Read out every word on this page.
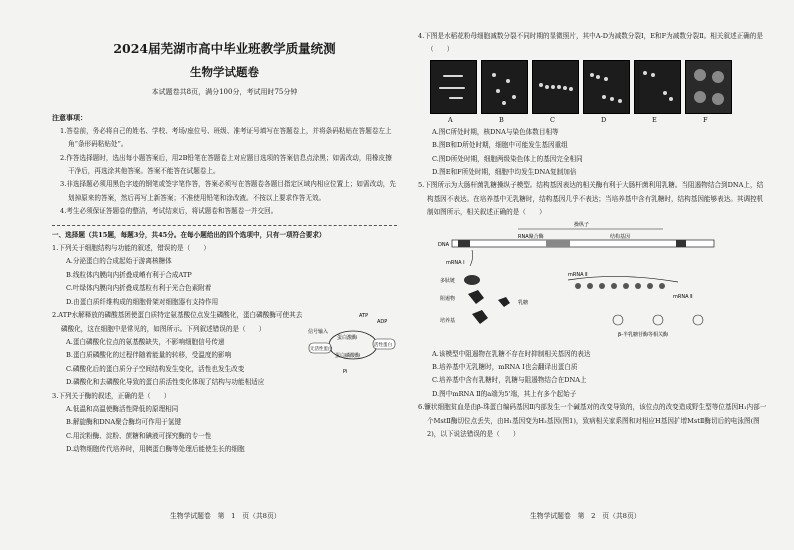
2024届芜湖市高中毕业班教学质量统测
生物学试题卷
本试题卷共8页，满分100分，考试用时75分钟
注意事项：
1.答卷前，务必将自己的姓名、学校、考场/座位号、班级、准考证号填写在答题卷上，并将条码粘贴在答题卷左上角“条形码粘贴处”。
2.作答选择题时，选出每小题答案后，用2B铅笔在答题卷上对应题目选项的答案信息点涂黑；如需改动，用橡皮擦干净后，再选涂其他答案。答案不能答在试题卷上。
3.非选择题必须用黑色字迹的钢笔或签字笔作答，答案必须写在答题卷各题目指定区域内相应位置上；如需改动，先划掉原来的答案，然后再写上新答案；不准使用铅笔和涂改液。不按以上要求作答无效。
4.考生必须保证答题卷的整洁，考试结束后，将试题卷和答题卷一并交回。
一、选择题（共15题，每题3分，共45分。在每小题给出的四个选项中，只有一项符合要求）
1.下列关于细胞结构与功能的叙述，错误的是（　　）
A.分泌蛋白的合成起始于游离核糖体
B.线粒体内膜向内折叠成嵴有利于合成ATP
C.叶绿体内膜向内折叠成基粒有利于光合色素附着
D.由蛋白质纤维构成的细胞骨架对细胞器有支持作用
2.ATP水解释放的磷酸基团使蛋白质特定氨基酸位点发生磷酸化，蛋白磷酸酶可使其去磷酸化，这在细胞中是常见的，如图所示。下列叙述错误的是（　　）
ATP
ADP
蛋白激酶
信号输入
无活性蛋白
活性蛋白
蛋白磷酸酶
Pi
A.蛋白磷酸化位点的氨基酸缺失，不影响细胞信号传递
B.蛋白质磷酸化的过程伴随着能量的转移，受温度的影响
C.磷酸化后的蛋白质分子空间结构发生变化，活性也发生改变
D.磷酸化和去磷酸化导致的蛋白质活性变化体现了结构与功能相适应
3.下列关于酶的叙述，正确的是（　　）
A.低温和高温使酶活性降低的原理相同
B.解旋酶和DNA聚合酶均可作用于氢键
C.用淀粉酶、淀粉、蔗糖和碘液可探究酶的专一性
D.动物细胞传代培养时，用胰蛋白酶等处理后能使生长的细胞
生物学试题卷　第　1　页（共8页）
4.下图是水稻花粉母细胞减数分裂不同时期的显微照片，其中A-D为减数分裂Ⅰ，E和F为减数分裂Ⅱ。相关叙述正确的是（　　）
A	B	C	D	E	F
A.图C所处时期，核DNA与染色体数目相等
B.图B和D所处时期，细胞中可能发生基因重组
C.图D所处时期，细胞两级染色体上的基因完全相同
D.图E和F所处时期，细胞中均发生DNA复制加倍
5.下图所示为大肠杆菌乳糖操纵子模型。结构基因表达的相关酶有利于大肠杆菌利用乳糖。当阻遏物结合到DNA上，结构基因不表达。在培养基中无乳糖时，结构基因几乎不表达；当培养基中含有乳糖时，结构基因能够表达。其调控机制如图所示，相关叙述正确的是（　　）
操纵子
RNA聚合酶	结构基因
DNA
mRNA Ⅰ
多肽链
阻遏物
培养基
乳糖
mRNA Ⅱ
mRNA Ⅱ
β-半乳糖苷酶等相关酶
A.该模型中阻遏物在乳糖不存在时抑制相关基因的表达
B.培养基中无乳糖时，mRNA Ⅰ也会翻译出蛋白质
C.培养基中含有乳糖时，乳糖与阻遏物结合在DNA上
D.图中mRNA Ⅱ的a端为5'端，其上有多个起始子
6.镰状细胞贫血是由β-珠蛋白编码基因Ⅱ内部发生一个碱基对的改变导致的，该位点的改变造成野生型等位基因H₁内部一个MstⅡ酶切位点丢失，由H₁基因变为H₂基因(图1)，致病相关家系图和对相应H基因扩增MstⅡ酶切后的电泳图(图2)，以下说法错误的是（　　）
生物学试题卷　第　2　页（共8页）
